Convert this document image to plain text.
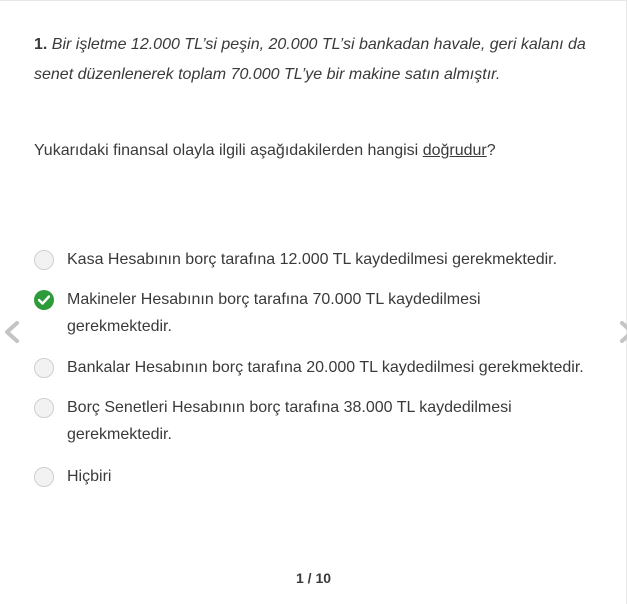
1. Bir işletme 12.000 TL’si peşin, 20.000 TL’si bankadan havale, geri kalanı da senet düzenlenerek toplam 70.000 TL’ye bir makine satın almıştır.
Yukarıdaki finansal olayla ilgili aşağıdakilerden hangisi doğrudur?
Kasa Hesabının borç tarafına 12.000 TL kaydedilmesi gerekmektedir.
Makineler Hesabının borç tarafına 70.000 TL kaydedilmesi gerekmektedir.
Bankalar Hesabının borç tarafına 20.000 TL kaydedilmesi gerekmektedir.
Borç Senetleri Hesabının borç tarafına 38.000 TL kaydedilmesi gerekmektedir.
Hiçbiri
1 / 10
